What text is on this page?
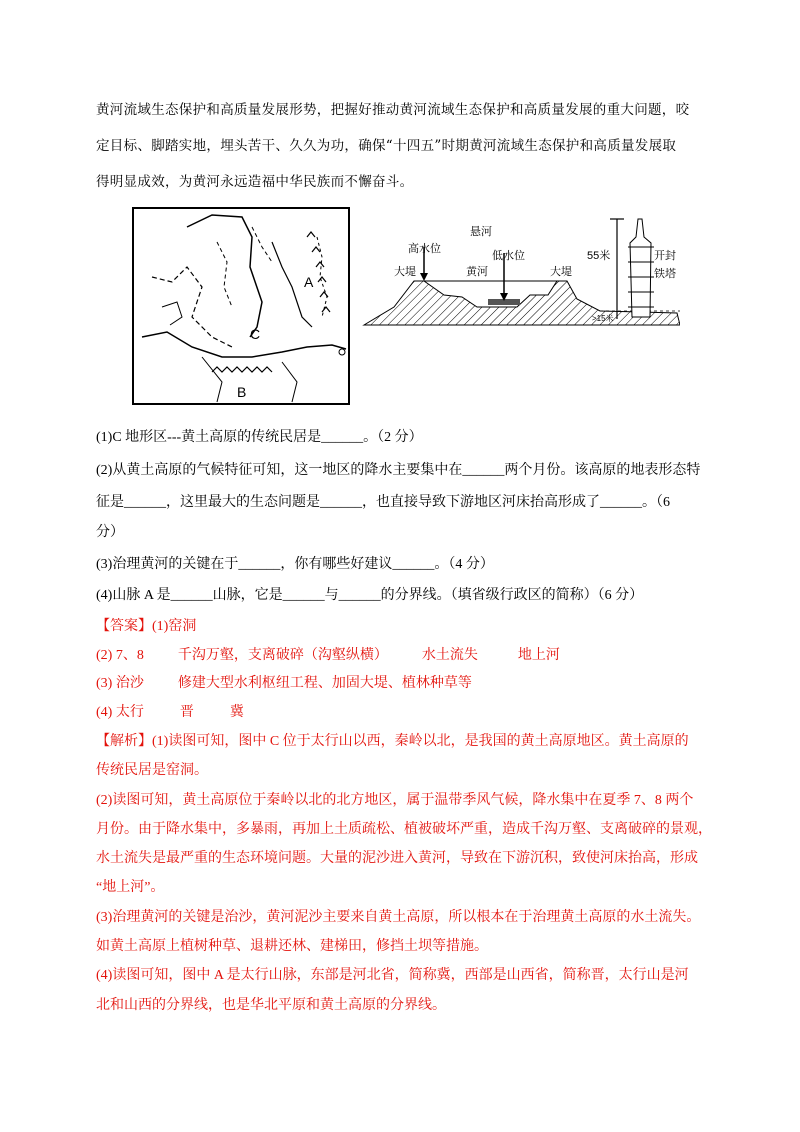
黄河流域生态保护和高质量发展形势，把握好推动黄河流域生态保护和高质量发展的重大问题，咬
定目标、脚踏实地，埋头苦干、久久为功，确保“十四五”时期黄河流域生态保护和高质量发展取
得明显成效，为黄河永远造福中华民族而不懈奋斗。
A
B
C
悬河
高水位
低水位
大堤	黄河	大堤
55米
>15米
开封
铁塔
(1)C 地形区---黄土高原的传统民居是______。（2 分）
(2)从黄土高原的气候特征可知，这一地区的降水主要集中在______两个月份。该高原的地表形态特
征是______，这里最大的生态问题是______，也直接导致下游地区河床抬高形成了______。（6
分）
(3)治理黄河的关键在于______，你有哪些好建议______。（4 分）
(4)山脉 A 是______山脉，它是______与______的分界线。（填省级行政区的简称）（6 分）
【答案】(1)窑洞
(2) 7、8 千沟万壑，支离破碎（沟壑纵横） 水土流失	地上河
(3) 治沙 修建大型水利枢纽工程、加固大堤、植林种草等
(4) 太行	晋	冀
【解析】(1)读图可知，图中 C 位于太行山以西，秦岭以北，是我国的黄土高原地区。黄土高原的
传统民居是窑洞。
(2)读图可知，黄土高原位于秦岭以北的北方地区，属于温带季风气候，降水集中在夏季 7、8 两个
月份。由于降水集中，多暴雨，再加上土质疏松、植被破坏严重，造成千沟万壑、支离破碎的景观，
水土流失是最严重的生态环境问题。大量的泥沙进入黄河，导致在下游沉积，致使河床抬高，形成
“地上河”。
(3)治理黄河的关键是治沙，黄河泥沙主要来自黄土高原，所以根本在于治理黄土高原的水土流失。
如黄土高原上植树种草、退耕还林、建梯田，修挡土坝等措施。
(4)读图可知，图中 A 是太行山脉，东部是河北省，简称冀，西部是山西省，简称晋，太行山是河
北和山西的分界线，也是华北平原和黄土高原的分界线。
